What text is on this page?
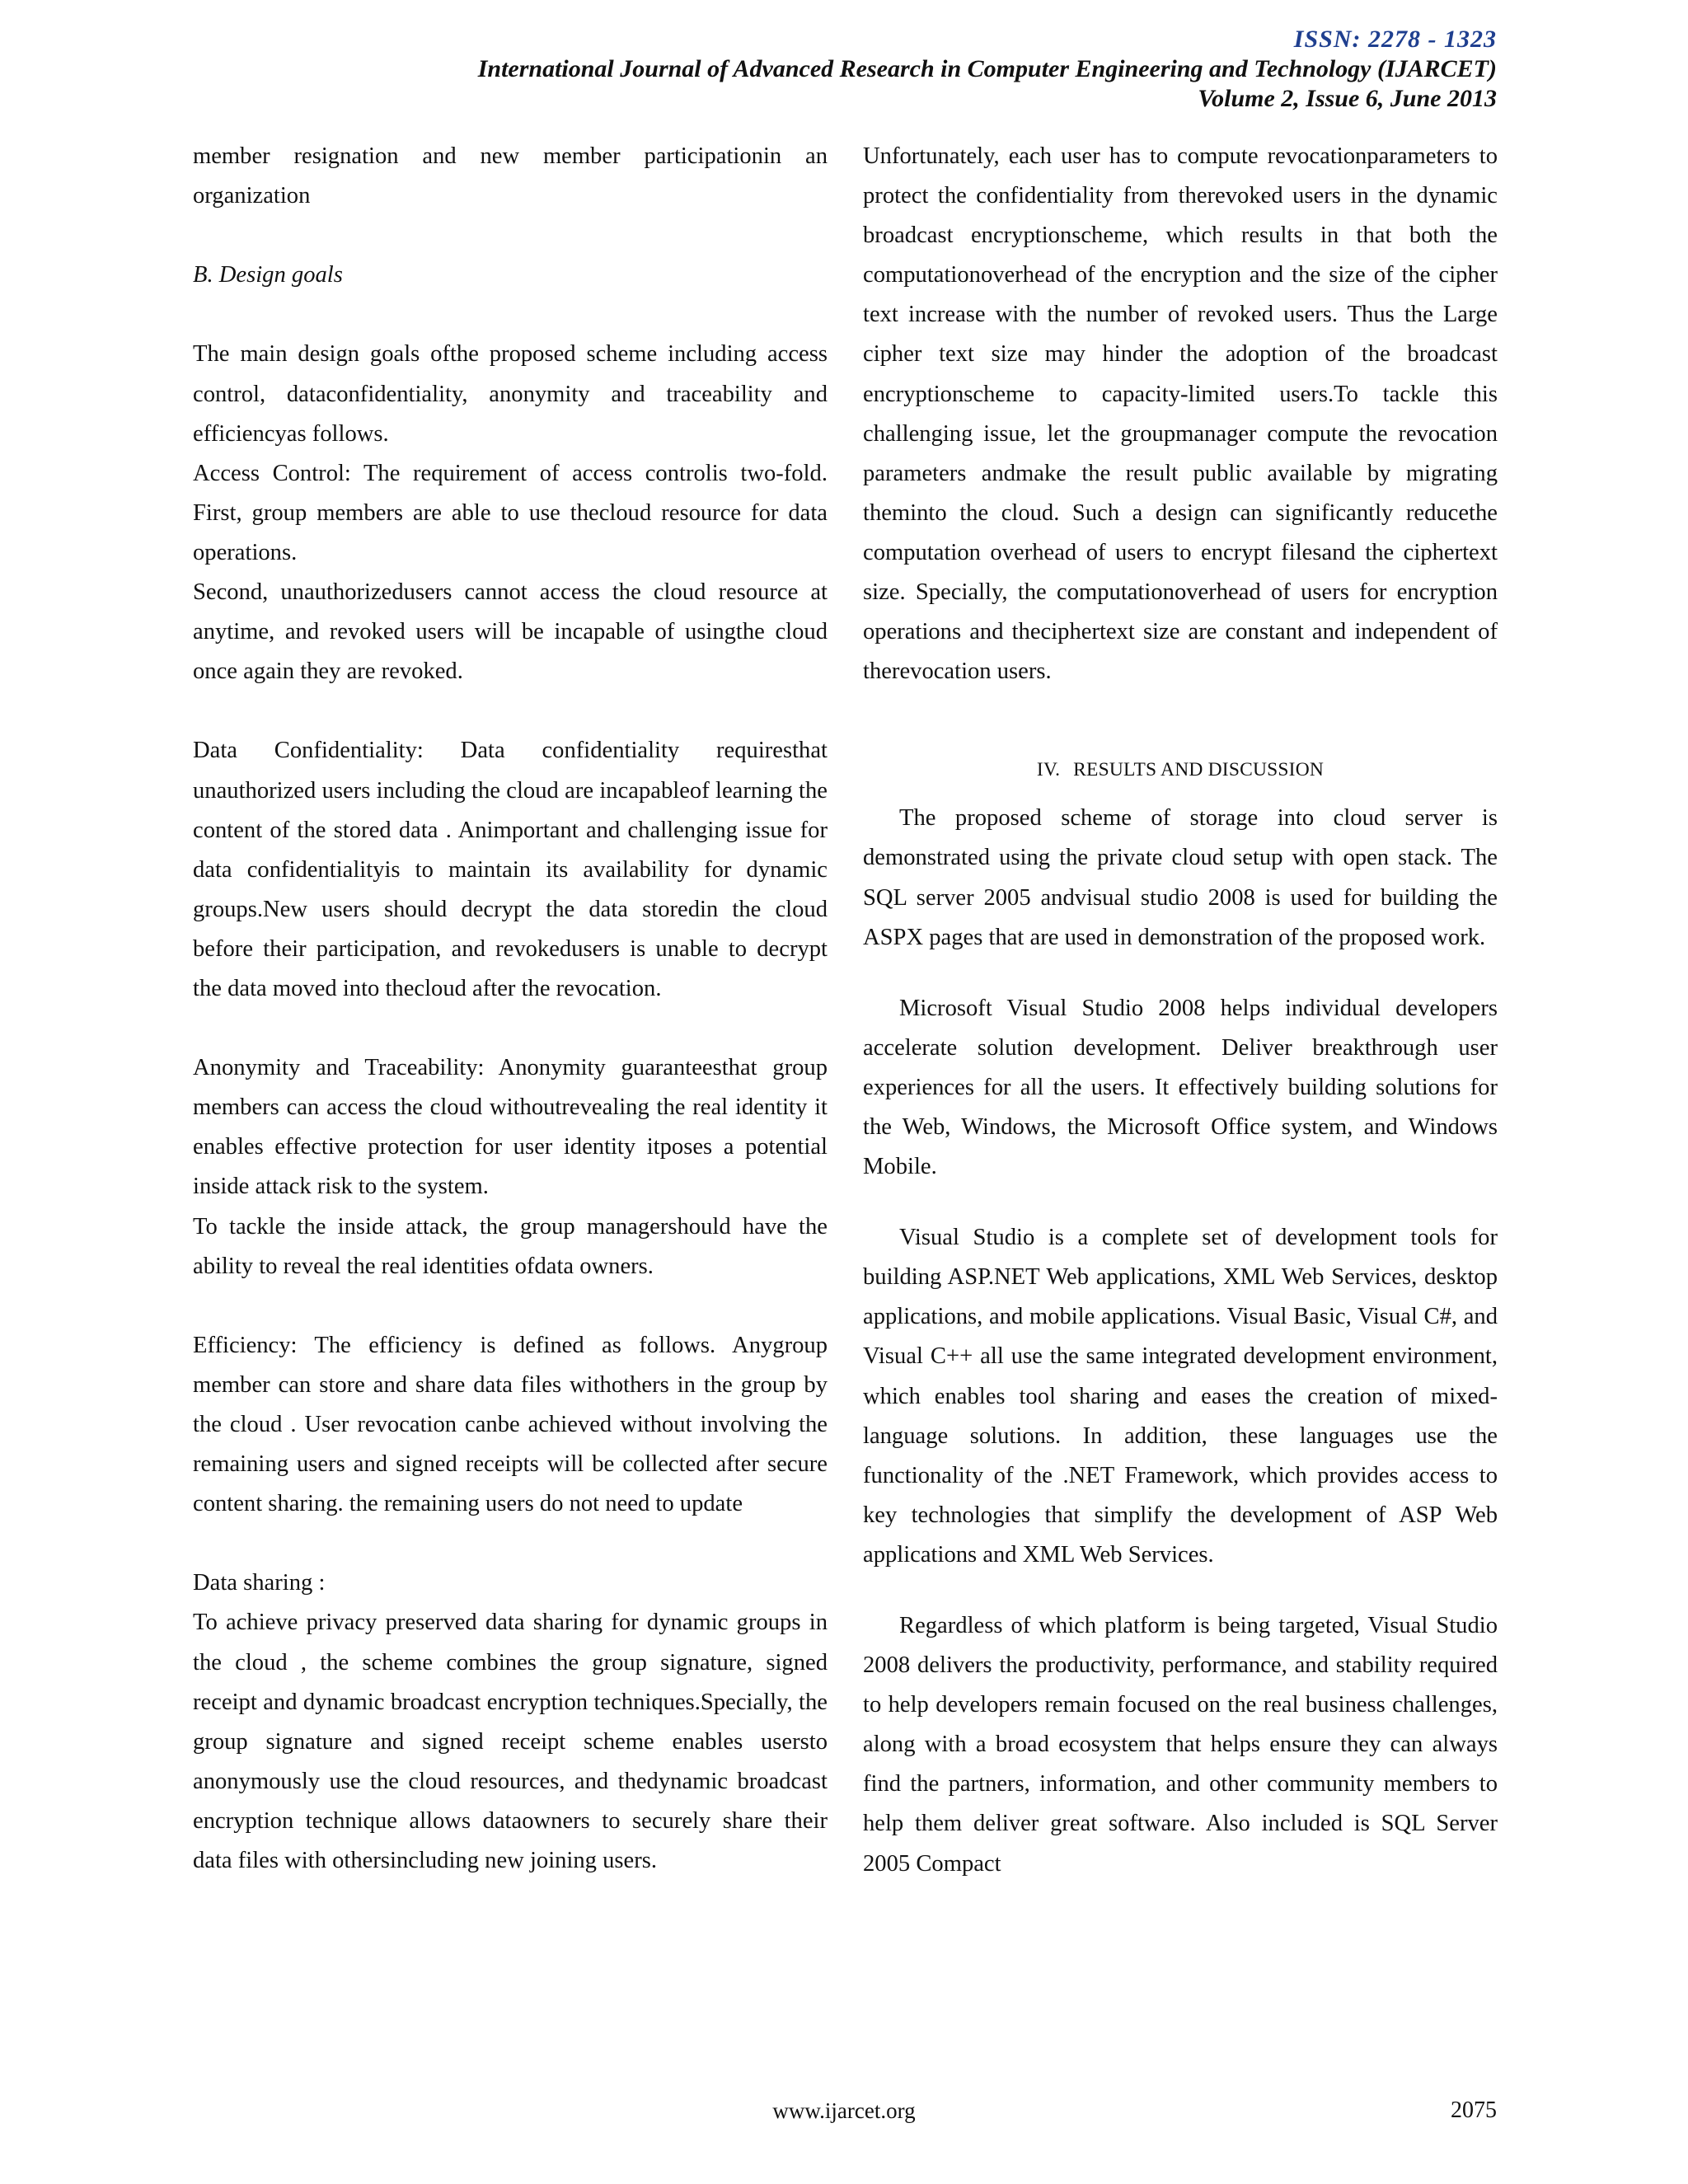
ISSN: 2278 - 1323
International Journal of Advanced Research in Computer Engineering and Technology (IJARCET)
Volume 2, Issue 6, June 2013

member resignation and new member participationin an organization

B. Design goals

The main design goals ofthe proposed scheme including access control, dataconfidentiality, anonymity and traceability and efficiencyas follows.

Access Control: The requirement of access controlis two-fold. First, group members are able to use thecloud resource for data operations.

Second, unauthorizedusers cannot access the cloud resource at anytime, and revoked users will be incapable of usingthe cloud once again they are revoked.

Data Confidentiality: Data confidentiality requiresthat unauthorized users including the cloud are incapableof learning the content of the stored data . Animportant and challenging issue for data confidentialityis to maintain its availability for dynamic groups.New users should decrypt the data storedin the cloud before their participation, and revokedusers is unable to decrypt the data moved into thecloud after the revocation.

Anonymity and Traceability: Anonymity guaranteesthat group members can access the cloud withoutrevealing the real identity it enables effective protection for user identity itposes a potential inside attack risk to the system.

To tackle the inside attack, the group managershould have the ability to reveal the real identities ofdata owners.

Efficiency: The efficiency is defined as follows. Anygroup member can store and share data files withothers in the group by the cloud . User revocation canbe achieved without involving the remaining users and signed receipts will be collected after secure content sharing. the remaining users do not need to update

Data sharing :

To achieve privacy preserved data sharing for dynamic groups in the cloud , the scheme combines the group signature, signed receipt and dynamic broadcast encryption techniques.Specially, the group signature and signed receipt scheme enables usersto anonymously use the cloud resources, and thedynamic broadcast encryption technique allows dataowners to securely share their data files with othersincluding new joining users.

Unfortunately, each user has to compute revocationparameters to protect the confidentiality from therevoked users in the dynamic broadcast encryptionscheme, which results in that both the computationoverhead of the encryption and the size of the cipher text increase with the number of revoked users. Thus the Large cipher text size may hinder the adoption of the broadcast encryptionscheme to capacity-limited users.To tackle this challenging issue, let the groupmanager compute the revocation parameters andmake the result public available by migrating theminto the cloud. Such a design can significantly reducethe computation overhead of users to encrypt filesand the ciphertext size. Specially, the computationoverhead of users for encryption operations and theciphertext size are constant and independent of therevocation users.

IV. RESULTS AND DISCUSSION

The proposed scheme of storage into cloud server is demonstrated using the private cloud setup with open stack. The SQL server 2005 andvisual studio 2008 is used for building the ASPX pages that are used in demonstration of the proposed work.

Microsoft Visual Studio 2008 helps individual developers accelerate solution development. Deliver breakthrough user experiences for all the users. It effectively building solutions for the Web, Windows, the Microsoft Office system, and Windows Mobile.

Visual Studio is a complete set of development tools for building ASP.NET Web applications, XML Web Services, desktop applications, and mobile applications. Visual Basic, Visual C#, and Visual C++ all use the same integrated development environment, which enables tool sharing and eases the creation of mixed-language solutions. In addition, these languages use the functionality of the .NET Framework, which provides access to key technologies that simplify the development of ASP Web applications and XML Web Services.

Regardless of which platform is being targeted, Visual Studio 2008 delivers the productivity, performance, and stability required to help developers remain focused on the real business challenges, along with a broad ecosystem that helps ensure they can always find the partners, information, and other community members to help them deliver great software. Also included is SQL Server 2005 Compact

www.ijarcet.org	2075
